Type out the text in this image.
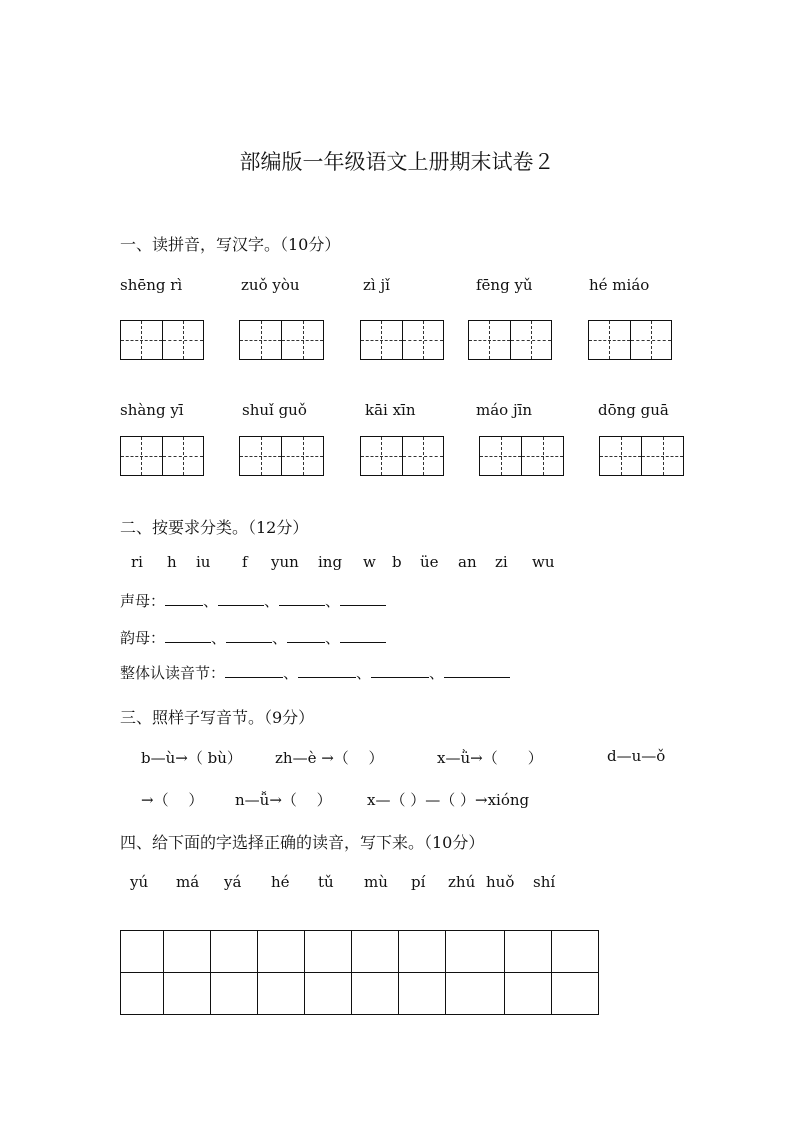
部编版一年级语文上册期末试卷２
一、读拼音，写汉字。（10分）
shēng rì	zuǒ yòu	zì jǐ	fēng yǔ	hé miáo
shàng yī	shuǐ guǒ	kāi xīn	máo jīn	dōng guā
二、按要求分类。（12分）
ri h iu f yun ing w b üe an zi wu
声母：	、	、	、
韵母：	、	、	、
整体认读音节：	、	、	、
三、照样子写音节。（9分）
b—ù→（ bù） zh—è →（　 ）	x—ǜ→（　　）	d—u—ǒ
→（　 ） n—ǚ→（　 ） x—（ ）—（ ）→xióng
四、给下面的字选择正确的读音，写下来。（10分）
yú má yá hé tǔ mù pí zhú huǒ shí
